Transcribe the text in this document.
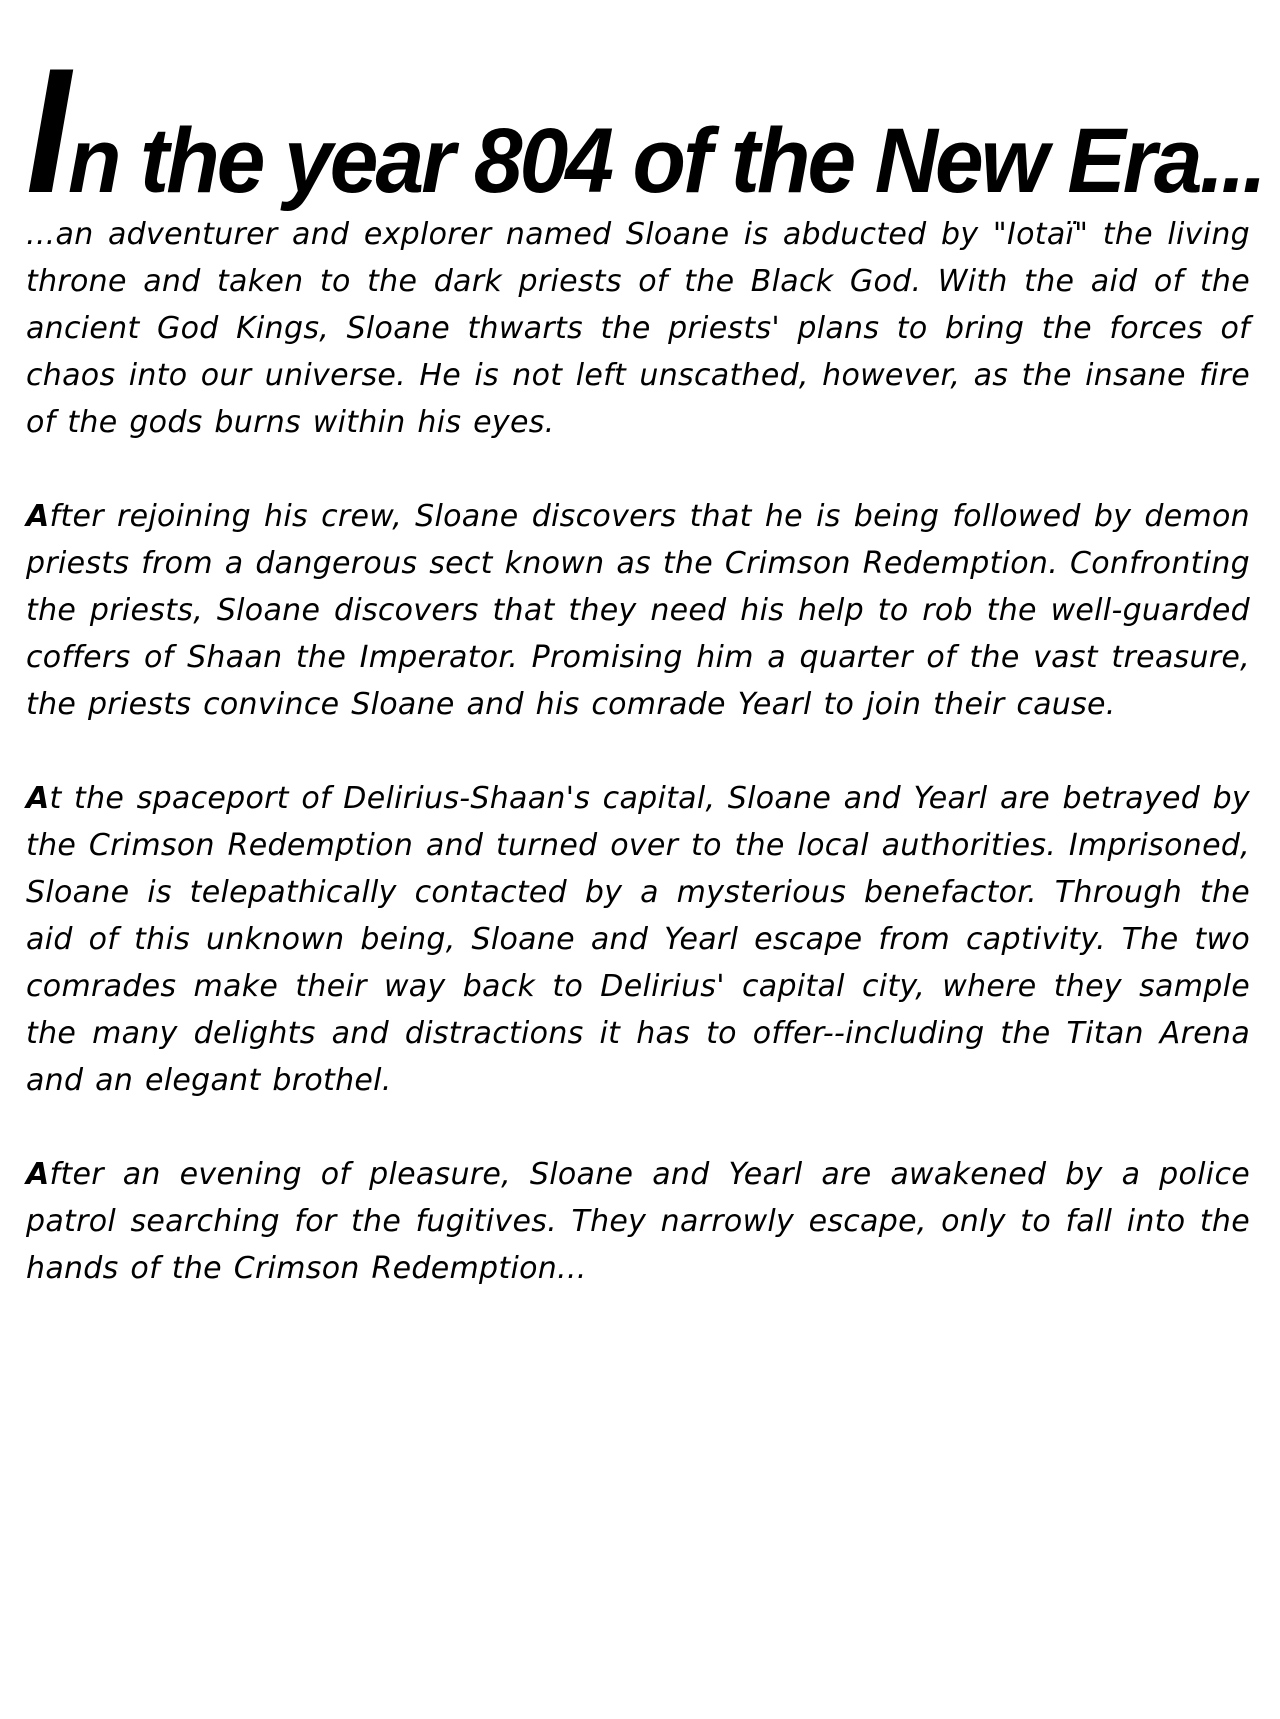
In the year 804 of the New Era...

...an adventurer and explorer named Sloane is abducted by "Iotaï" the living throne and taken to the dark priests of the Black God. With the aid of the ancient God Kings, Sloane thwarts the priests' plans to bring the forces of chaos into our universe. He is not left unscathed, however, as the insane fire of the gods burns within his eyes.

After rejoining his crew, Sloane discovers that he is being followed by demon priests from a dangerous sect known as the Crimson Redemption. Confronting the priests, Sloane discovers that they need his help to rob the well-guarded coffers of Shaan the Imperator. Promising him a quarter of the vast treasure, the priests convince Sloane and his comrade Yearl to join their cause.

At the spaceport of Delirius-Shaan's capital, Sloane and Yearl are betrayed by the Crimson Redemption and turned over to the local authorities. Imprisoned, Sloane is telepathically contacted by a mysterious benefactor. Through the aid of this unknown being, Sloane and Yearl escape from captivity. The two comrades make their way back to Delirius' capital city, where they sample the many delights and distractions it has to offer--including the Titan Arena and an elegant brothel.

After an evening of pleasure, Sloane and Yearl are awakened by a police patrol searching for the fugitives. They narrowly escape, only to fall into the hands of the Crimson Redemption...
